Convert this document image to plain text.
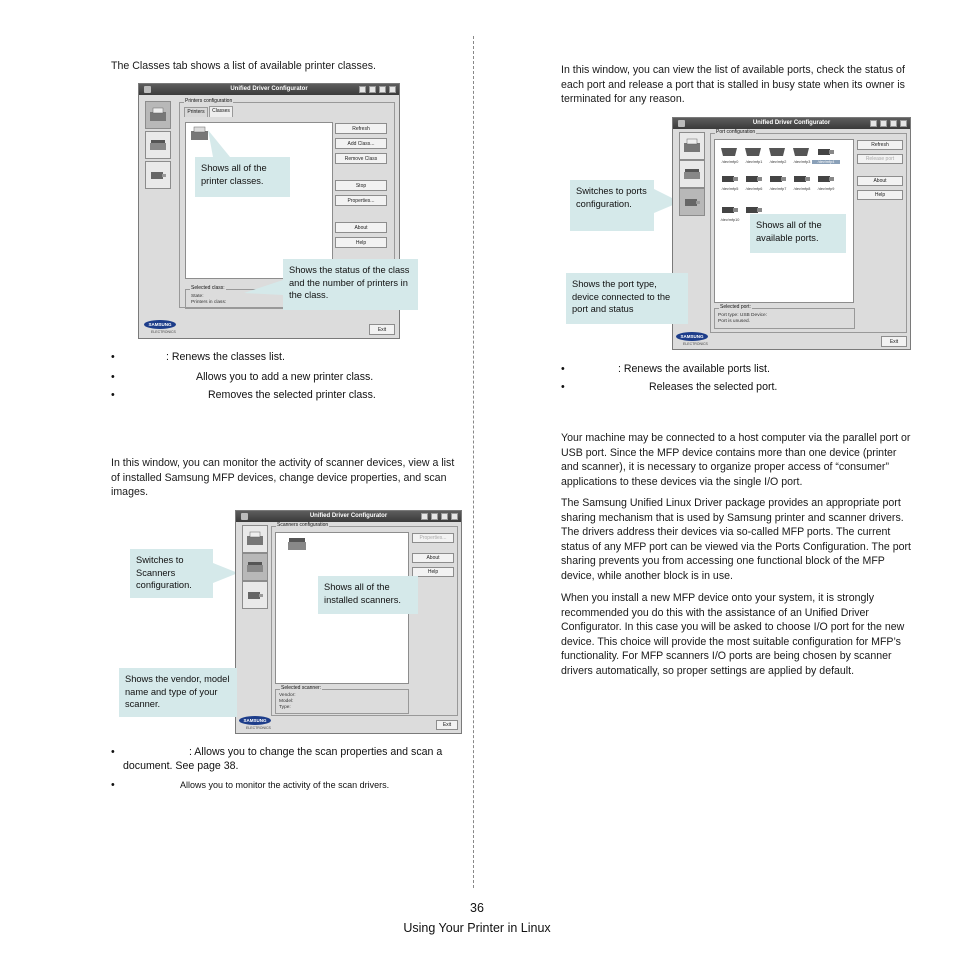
The Classes tab shows a list of available printer classes.
Unified Driver Configurator
Printers configuration
Printers	Classes
Refresh
Add Class...
Remove Class
Stop
Properties...
About
Help
Selected class:
State:
Printers in class:
SAMSUNG
ELECTRONICS	Exit
Shows all of the printer classes.
Shows the status of the class and the number of printers in the class.
•	: Renews the classes list.
•	Allows you to add a new printer class.
•	Removes the selected printer class.
In this window, you can monitor the activity of scanner devices, view a list of installed Samsung MFP devices, change device properties, and scan images.
Unified Driver Configurator
Scanners configuration
Properties...
About
Help
Selected scanner:
Vendor:
Model:
Type:
SAMSUNG
ELECTRONICS	Exit
Switches to Scanners configuration.	Shows all of the installed scanners.
Shows the vendor, model name and type of your scanner.
•	: Allows you to change the scan properties and scan a document. See page 38.
•	Allows you to monitor the activity of the scan drivers.
In this window, you can view the list of available ports, check the status of each port and release a port that is stalled in busy state when its owner is terminated for any reason.
Unified Driver Configurator
Port configuration
/dev/mfp0	/dev/mfp1	/dev/mfp2	/dev/mfp3	/dev/mfp4
/dev/mfp5	/dev/mfp6	/dev/mfp7	/dev/mfp8	/dev/mfp9
/dev/mfp10
Refresh
Release port
About
Help
Selected port:
Port type: USB Device:
Port is unused.
SAMSUNG
ELECTRONICS	Exit
Switches to ports configuration.
Shows all of the available ports.
Shows the port type, device connected to the port and status
•	: Renews the available ports list.
•	Releases the selected port.
Your machine may be connected to a host computer via the parallel port or USB port. Since the MFP device contains more than one device (printer and scanner), it is necessary to organize proper access of “consumer” applications to these devices via the single I/O port.
The Samsung Unified Linux Driver package provides an appropriate port sharing mechanism that is used by Samsung printer and scanner drivers. The drivers address their devices via so-called MFP ports. The current status of any MFP port can be viewed via the Ports Configuration. The port sharing prevents you from accessing one functional block of the MFP device, while another block is in use.
When you install a new MFP device onto your system, it is strongly recommended you do this with the assistance of an Unified Driver Configurator. In this case you will be asked to choose I/O port for the new device. This choice will provide the most suitable configuration for MFP’s functionality. For MFP scanners I/O ports are being chosen by scanner drivers automatically, so proper settings are applied by default.
36
Using Your Printer in Linux
